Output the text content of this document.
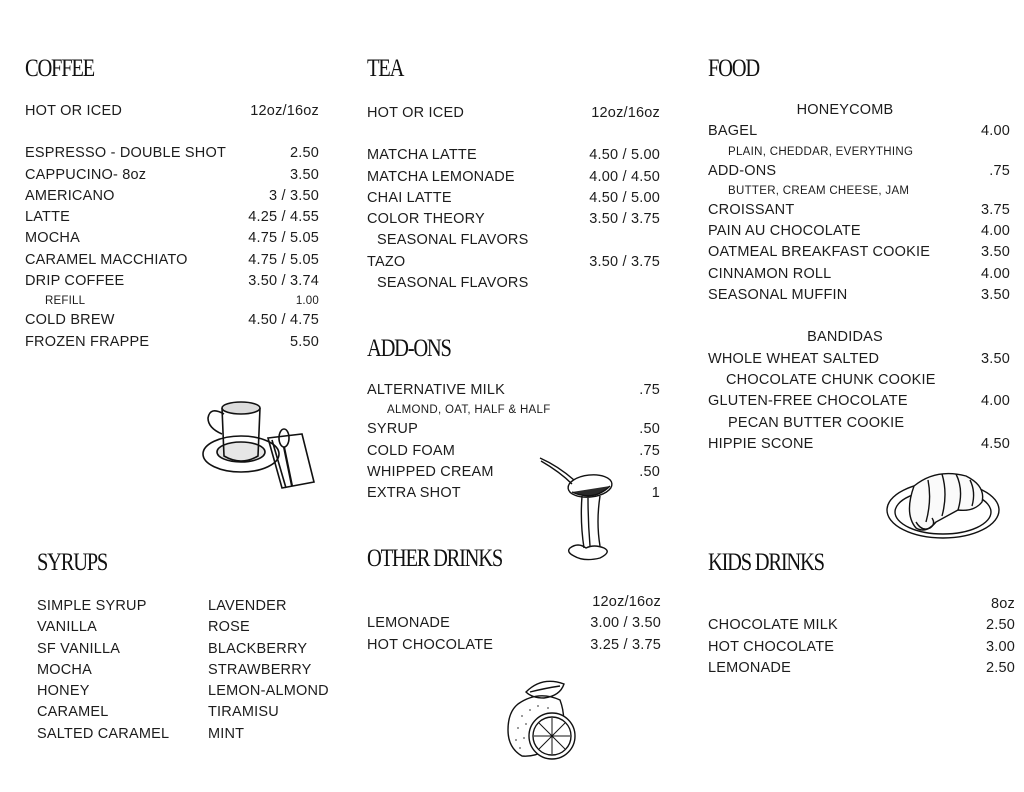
COFFEE
HOT OR ICED	12oz/16oz
ESPRESSO - DOUBLE SHOT	2.50
CAPPUCINO- 8oz	3.50
AMERICANO	3 / 3.50
LATTE	4.25 / 4.55
MOCHA	4.75 / 5.05
CARAMEL MACCHIATO	4.75 / 5.05
DRIP COFFEE	3.50 / 3.74
REFILL	1.00
COLD BREW	4.50 / 4.75
FROZEN FRAPPE	5.50
TEA
HOT OR ICED	12oz/16oz
MATCHA LATTE	4.50 / 5.00
MATCHA LEMONADE	4.00 / 4.50
CHAI LATTE	4.50 / 5.00
COLOR THEORY	3.50 / 3.75
SEASONAL FLAVORS
TAZO	3.50 / 3.75
SEASONAL FLAVORS
ADD-ONS
ALTERNATIVE MILK	.75
ALMOND, OAT, HALF & HALF
SYRUP	.50
COLD FOAM	.75
WHIPPED CREAM	.50
EXTRA SHOT	1
FOOD
HONEYCOMB
BAGEL	4.00
PLAIN, CHEDDAR, EVERYTHING
ADD-ONS	.75
BUTTER, CREAM CHEESE, JAM
CROISSANT	3.75
PAIN AU CHOCOLATE	4.00
OATMEAL BREAKFAST COOKIE	3.50
CINNAMON ROLL	4.00
SEASONAL MUFFIN	3.50
BANDIDAS
WHOLE WHEAT SALTED	3.50
CHOCOLATE CHUNK COOKIE
GLUTEN-FREE CHOCOLATE	4.00
PECAN BUTTER COOKIE
HIPPIE SCONE	4.50
SYRUPS
SIMPLE SYRUP	LAVENDER
VANILLA	ROSE
SF VANILLA	BLACKBERRY
MOCHA	STRAWBERRY
HONEY	LEMON-ALMOND
CARAMEL	TIRAMISU
SALTED CARAMEL	MINT
OTHER DRINKS
12oz/16oz
LEMONADE	3.00 / 3.50
HOT CHOCOLATE	3.25 / 3.75
KIDS DRINKS
8oz
CHOCOLATE MILK	2.50
HOT CHOCOLATE	3.00
LEMONADE	2.50
